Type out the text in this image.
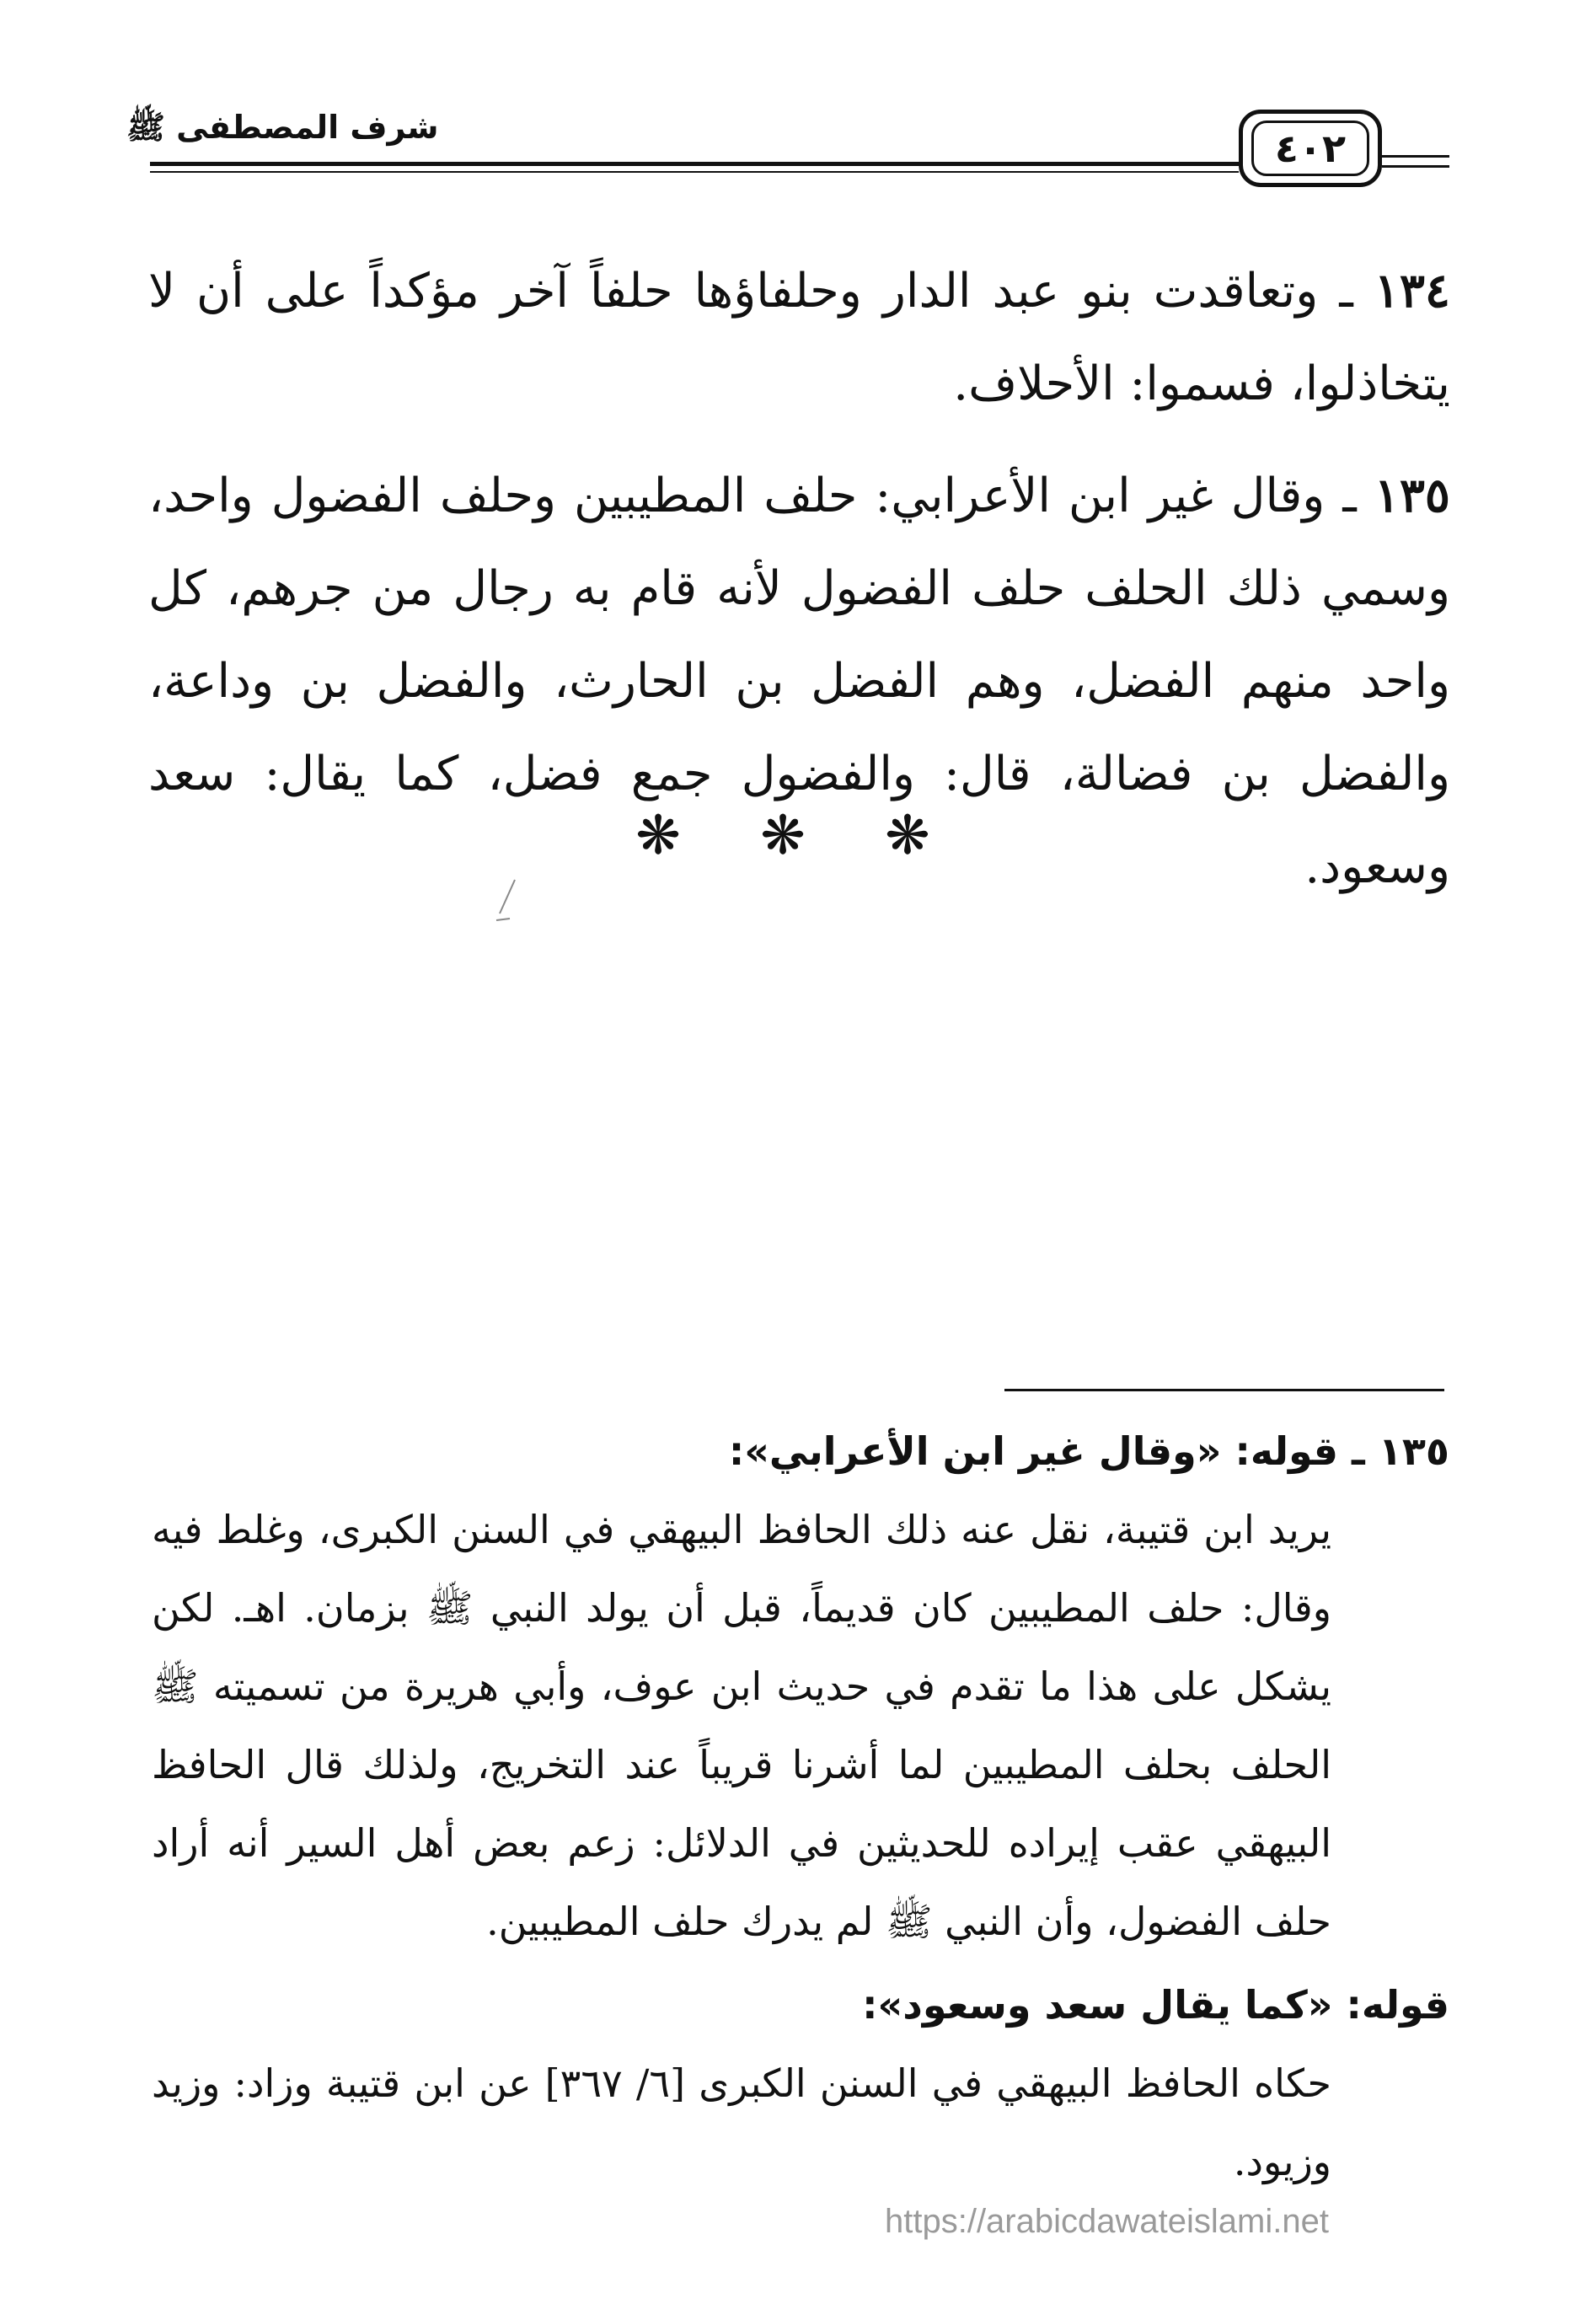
شرف المصطفى ﷺ	٤٠٢

١٣٤ ـ وتعاقدت بنو عبد الدار وحلفاؤها حلفاً آخر مؤكداً على أن لا يتخاذلوا، فسموا: الأحلاف.

١٣٥ ـ وقال غير ابن الأعرابي: حلف المطيبين وحلف الفضول واحد، وسمي ذلك الحلف حلف الفضول لأنه قام به رجال من جرهم، كل واحد منهم الفضل، وهم الفضل بن الحارث، والفضل بن وداعة، والفضل بن فضالة، قال: والفضول جمع فضل، كما يقال: سعد وسعود.

❋ ❋ ❋

١٣٥ ـ قوله: «وقال غير ابن الأعرابي»:

يريد ابن قتيبة، نقل عنه ذلك الحافظ البيهقي في السنن الكبرى، وغلط فيه وقال: حلف المطيبين كان قديماً، قبل أن يولد النبي ﷺ بزمان. اهـ. لكن يشكل على هذا ما تقدم في حديث ابن عوف، وأبي هريرة من تسميته ﷺ الحلف بحلف المطيبين لما أشرنا قريباً عند التخريج، ولذلك قال الحافظ البيهقي عقب إيراده للحديثين في الدلائل: زعم بعض أهل السير أنه أراد حلف الفضول، وأن النبي ﷺ لم يدرك حلف المطيبين.

قوله: «كما يقال سعد وسعود»:

حكاه الحافظ البيهقي في السنن الكبرى [٦/ ٣٦٧] عن ابن قتيبة وزاد: وزيد وزيود.

https://arabicdawateislami.net
